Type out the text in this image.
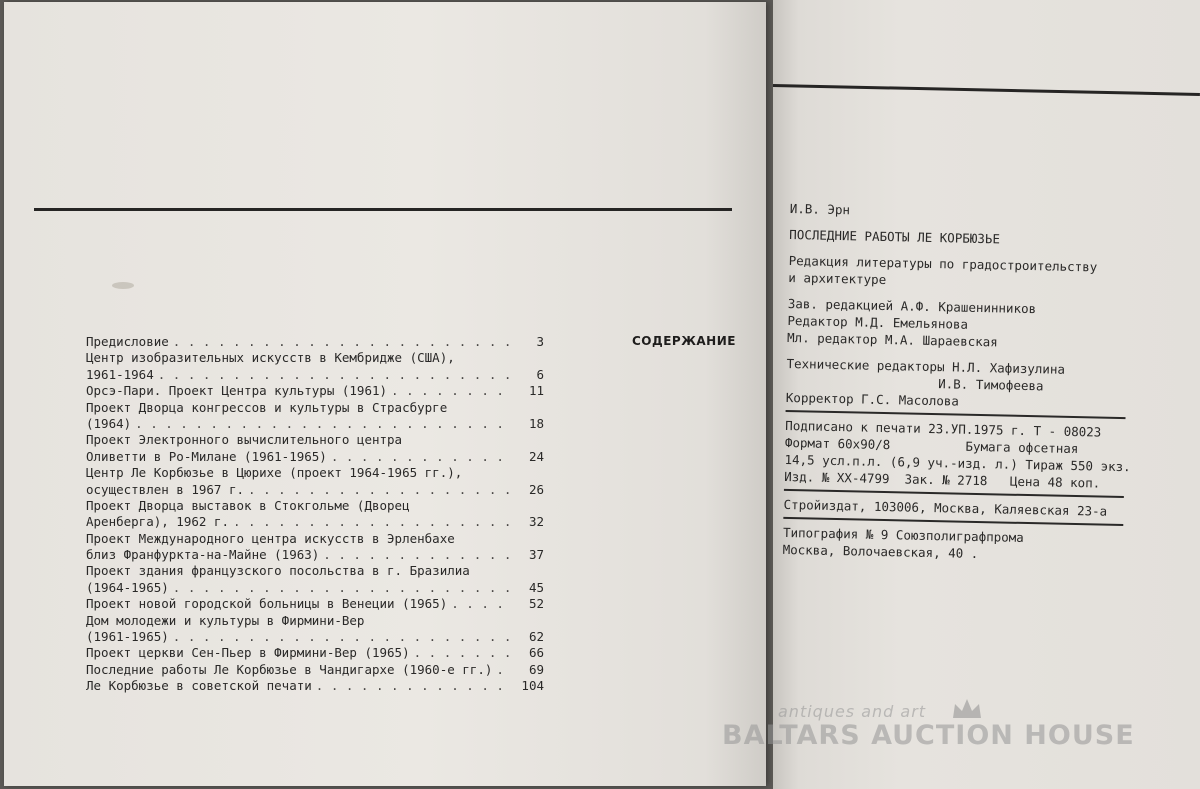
СОДЕРЖАНИЕ
Предисловие . . .	3
Центр изобразительных искусств в Кембридже (США),
1961-1964 . . .	6
Орсэ-Пари. Проект Центра культуры (1961) . . .	11
Проект Дворца конгрессов и культуры в Страсбурге
(1964) . . .	18
Проект Электронного вычислительного центра
Оливетти в Ро-Милане (1961-1965) . . .	24
Центр Ле Корбюзье в Цюрихе (проект 1964-1965 гг.),
осуществлен в 1967 г. . . .	26
Проект Дворца выставок в Стокгольме (Дворец
Аренберга), 1962 г. . . .	32
Проект Международного центра искусств в Эрленбахе
близ Франфуркта-на-Майне (1963) . . .	37
Проект здания французского посольства в г. Бразилиа
(1964-1965) . . .	45
Проект новой городской больницы в Венеции (1965) . . .	52
Дом молодежи и культуры в Фирмини-Вер
(1961-1965) . . .	62
Проект церкви Сен-Пьер в Фирмини-Вер (1965) . . .	66
Последние работы Ле Корбюзье в Чандигархе (1960-е гг.) . . .	69
Ле Корбюзье в советской печати . . .	104
И.В. Эрн
ПОСЛЕДНИЕ РАБОТЫ ЛЕ КОРБЮЗЬЕ
Редакция литературы по градостроительству
и архитектуре
Зав. редакцией А.Ф. Крашенинников
Редактор М.Д. Емельянова
Мл. редактор М.А. Шараевская
Технические редакторы Н.Л. Хафизулина
И.В. Тимофеева
Корректор Г.С. Масолова
Подписано к печати 23.УП.1975 г. Т - 08023
Формат 60х90/8          Бумага офсетная
14,5 усл.п.л. (6,9 уч.-изд. л.) Тираж 550 экз.
Изд. № ХХ-4799  Зак. № 2718   Цена 48 коп.
Стройиздат, 103006, Москва, Каляевская 23-а
Типография № 9 Союзполиграфпрома
Москва, Волочаевская, 40 .
antiques and art
BALTARS AUCTION HOUSE
